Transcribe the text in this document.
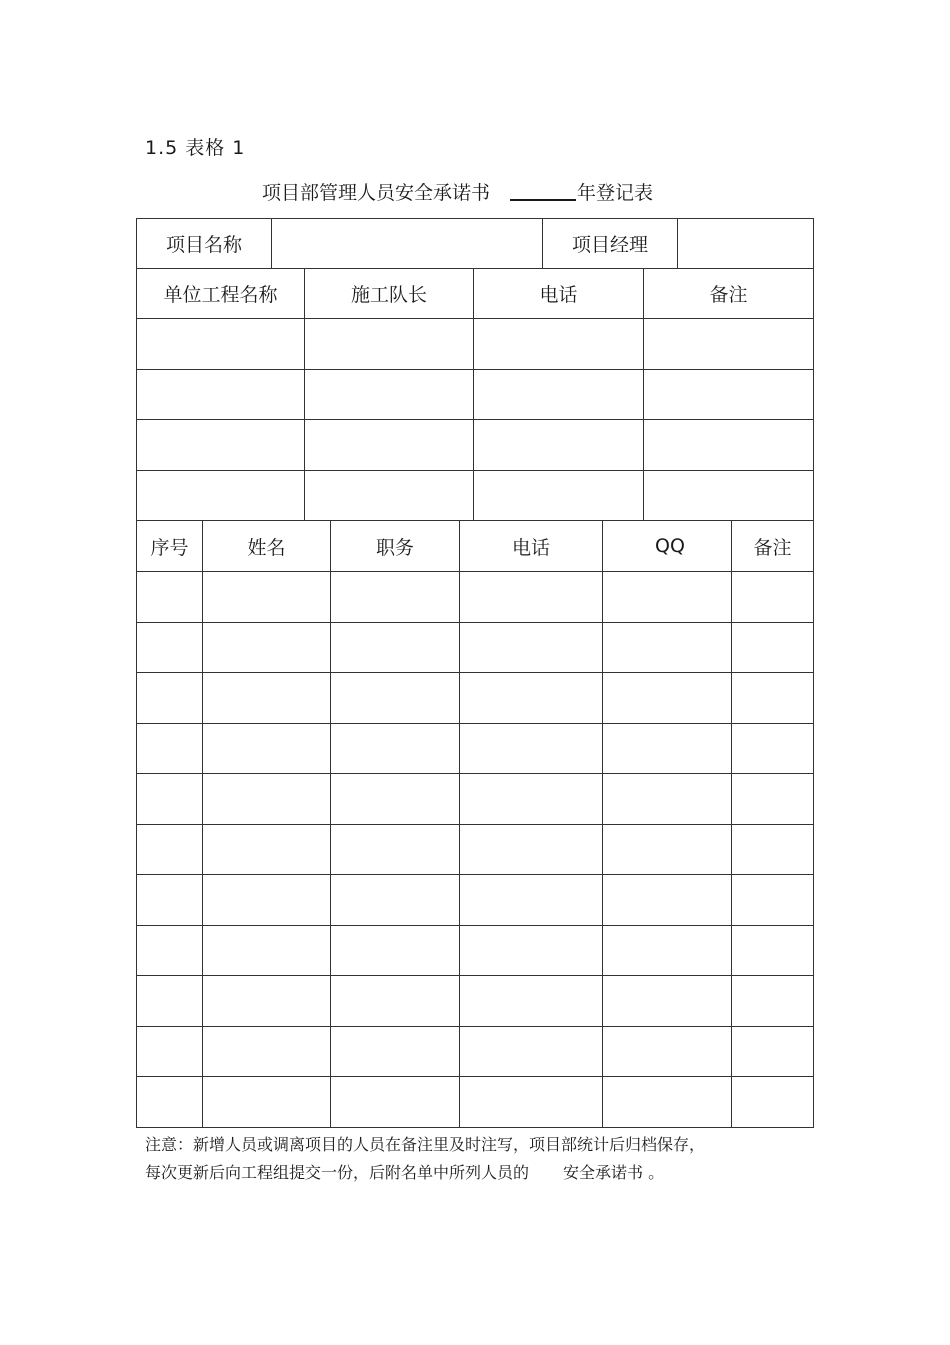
1.5 表格 1
项目部管理人员安全承诺书	年登记表
项目名称		项目经理	
单位工程名称	施工队长	电话	备注

序号	姓名	职务	电话	QQ	备注

注意：新增人员或调离项目的人员在备注里及时注写，项目部统计后归档保存，
每次更新后向工程组提交一份，后附名单中所列人员的 安全承诺书 。
